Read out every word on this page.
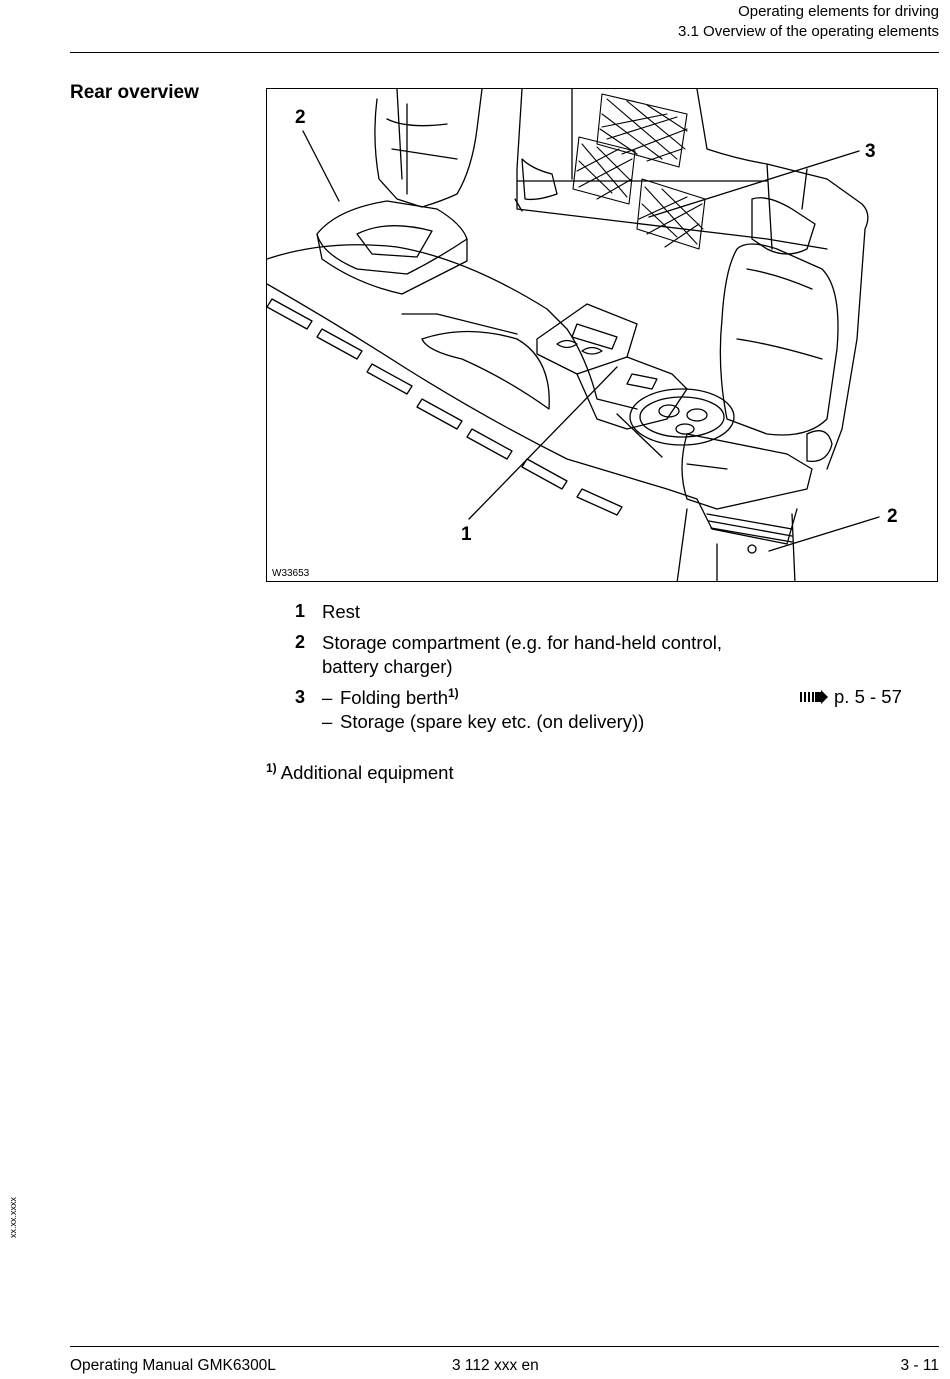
Operating elements for driving
3.1 Overview of the operating elements
Rear overview
2
3
1
2
W33653
1 Rest
2 Storage compartment (e.g. for hand-held control,
battery charger)
3 – Folding berth$^{1)}$
– Storage (spare key etc. (on delivery))
p. 5 - 57
$^{1)}$ Additional equipment
xx.xx.xxxx
Operating Manual GMK6300L	3 112 xxx en	3 - 11
